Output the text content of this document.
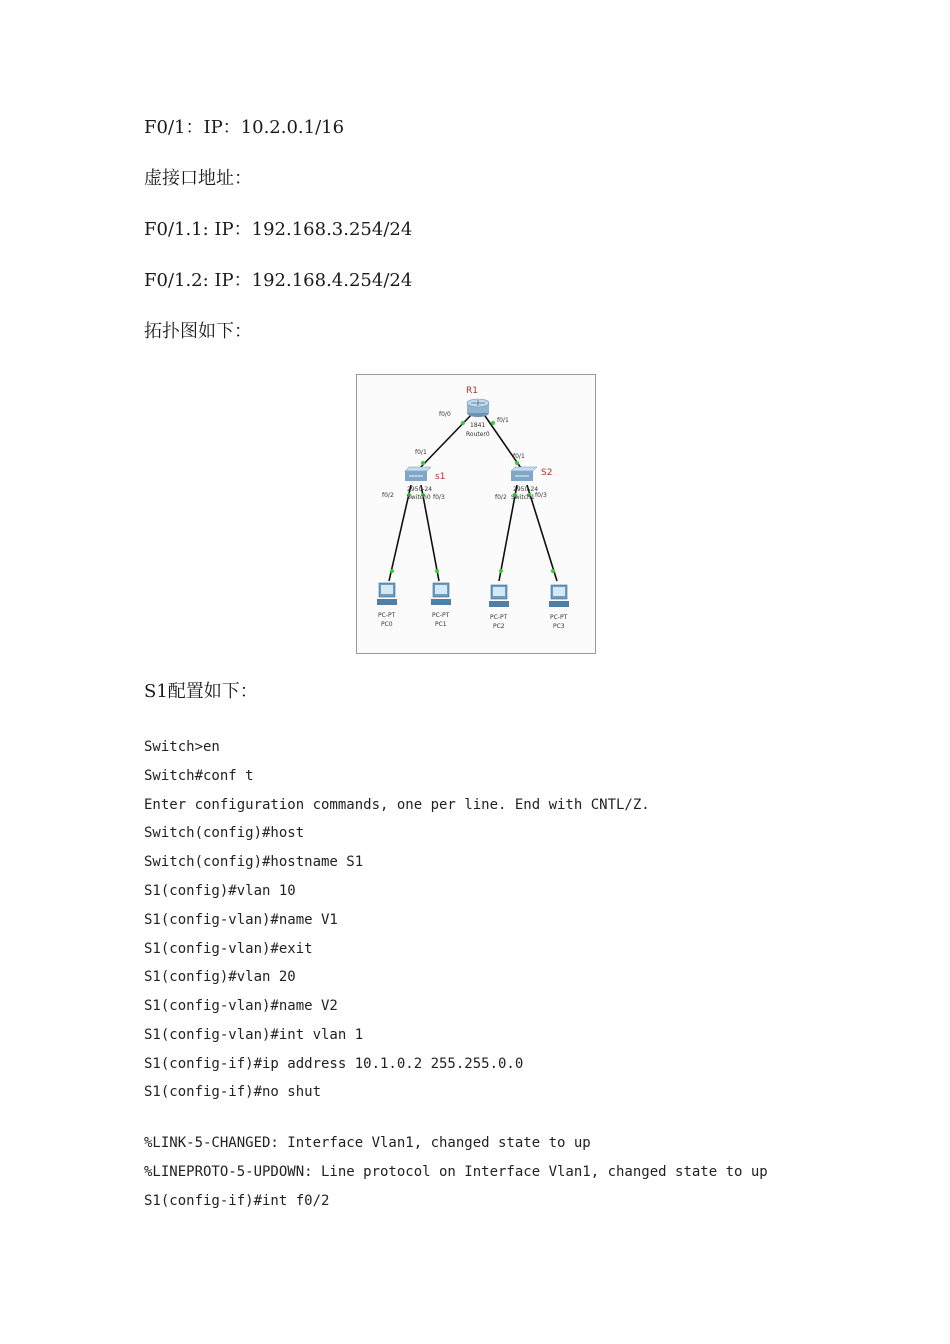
F0/1：IP：10.2.0.1/16
虚接口地址：
F0/1.1: IP：192.168.3.254/24
F0/1.2: IP：192.168.4.254/24
拓扑图如下：
R1
1841
Router0
f0/0
f0/1
s1
2950-24
Switch0
f0/1
f0/2	f0/3
S2
2950-24
Switch1
f0/1
f0/2	f0/3
PC-PT
PC0
PC-PT
PC1
PC-PT
PC2
PC-PT
PC3
S1配置如下：
Switch>en
Switch#conf t
Enter configuration commands, one per line. End with CNTL/Z.
Switch(config)#host
Switch(config)#hostname S1
S1(config)#vlan 10
S1(config-vlan)#name V1
S1(config-vlan)#exit
S1(config)#vlan 20
S1(config-vlan)#name V2
S1(config-vlan)#int vlan 1
S1(config-if)#ip address 10.1.0.2 255.255.0.0
S1(config-if)#no shut
%LINK-5-CHANGED: Interface Vlan1, changed state to up
%LINEPROTO-5-UPDOWN: Line protocol on Interface Vlan1, changed state to up
S1(config-if)#int f0/2
